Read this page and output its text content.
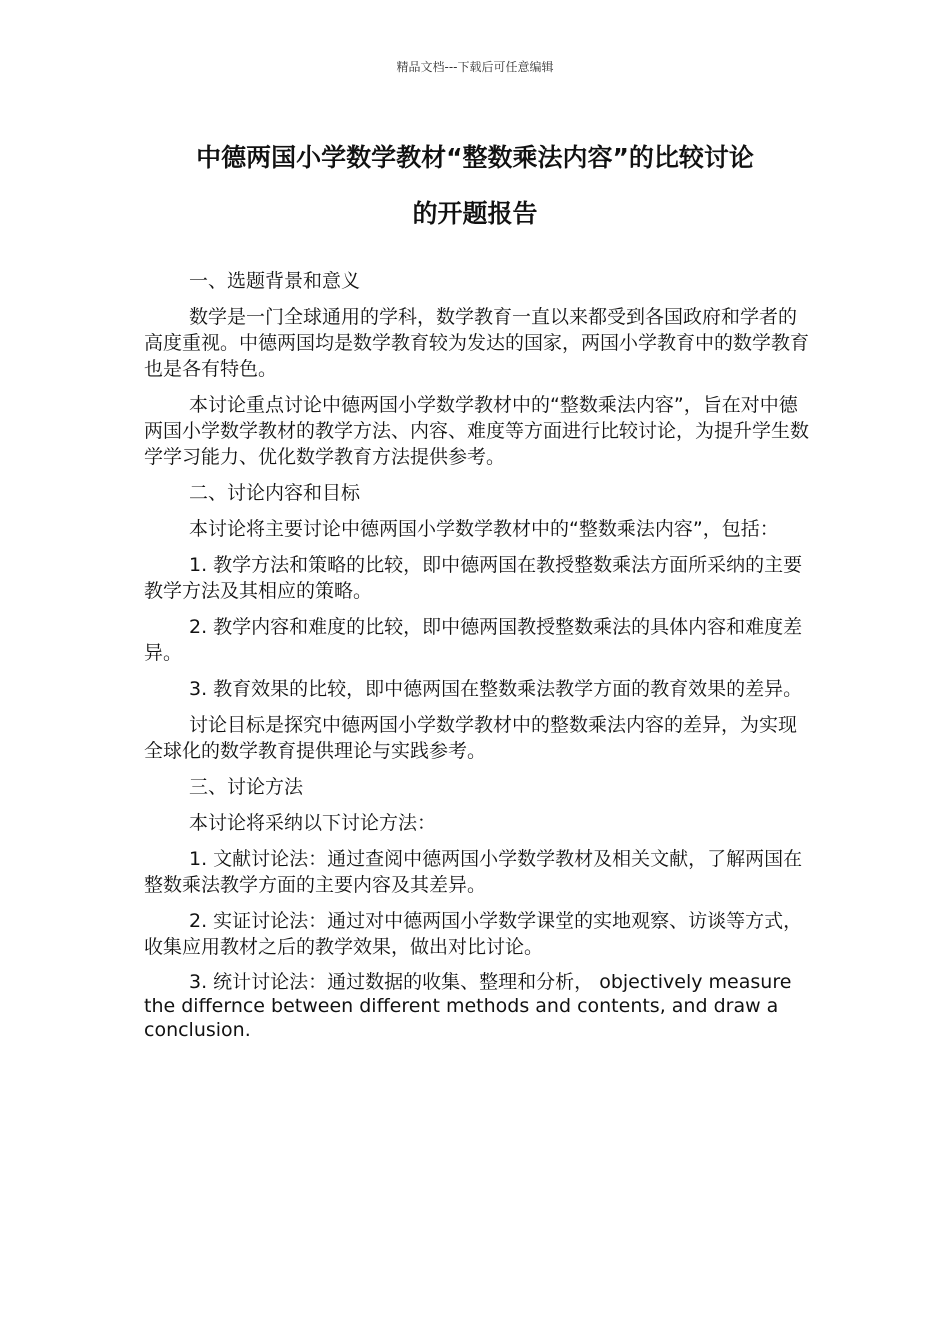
精品文档---下载后可任意编辑
中德两国小学数学教材“整数乘法内容”的比较讨论
的开题报告

一、选题背景和意义

数学是一门全球通用的学科，数学教育一直以来都受到各国政府和学者的高度重视。中德两国均是数学教育较为发达的国家，两国小学教育中的数学教育也是各有特色。

本讨论重点讨论中德两国小学数学教材中的“整数乘法内容”，旨在对中德两国小学数学教材的教学方法、内容、难度等方面进行比较讨论，为提升学生数学学习能力、优化数学教育方法提供参考。

二、讨论内容和目标

本讨论将主要讨论中德两国小学数学教材中的“整数乘法内容”，包括：

1. 教学方法和策略的比较，即中德两国在教授整数乘法方面所采纳的主要教学方法及其相应的策略。

2. 教学内容和难度的比较，即中德两国教授整数乘法的具体内容和难度差异。

3. 教育效果的比较，即中德两国在整数乘法教学方面的教育效果的差异。

讨论目标是探究中德两国小学数学教材中的整数乘法内容的差异，为实现全球化的数学教育提供理论与实践参考。

三、讨论方法

本讨论将采纳以下讨论方法：

1. 文献讨论法：通过查阅中德两国小学数学教材及相关文献，了解两国在整数乘法教学方面的主要内容及其差异。

2. 实证讨论法：通过对中德两国小学数学课堂的实地观察、访谈等方式，收集应用教材之后的教学效果，做出对比讨论。

3. 统计讨论法：通过数据的收集、整理和分析， objectively measure the differnce between different methods and contents, and draw a conclusion.
